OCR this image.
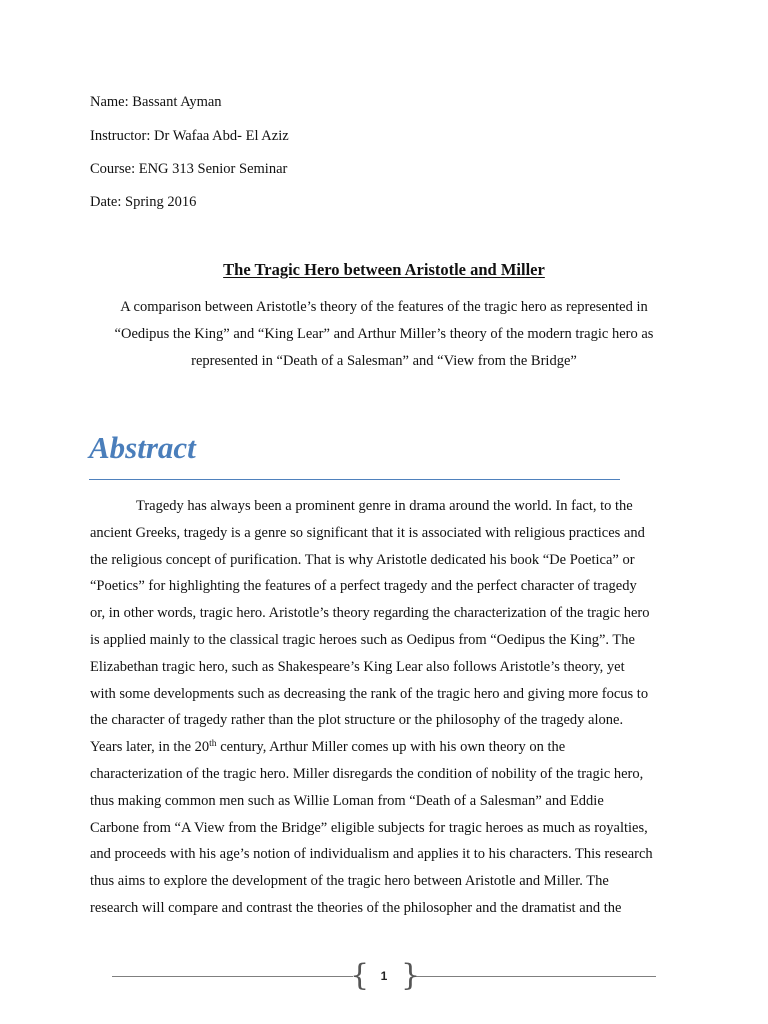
Name: Bassant Ayman
Instructor: Dr Wafaa Abd- El Aziz
Course: ENG 313 Senior Seminar
Date: Spring 2016
The Tragic Hero between Aristotle and Miller
A comparison between Aristotle’s theory of the features of the tragic hero as represented in
“Oedipus the King” and “King Lear” and Arthur Miller’s theory of the modern tragic hero as
represented in “Death of a Salesman” and “View from the Bridge”
Abstract
Tragedy has always been a prominent genre in drama around the world. In fact, to the
ancient Greeks, tragedy is a genre so significant that it is associated with religious practices and
the religious concept of purification. That is why Aristotle dedicated his book “De Poetica” or
“Poetics” for highlighting the features of a perfect tragedy and the perfect character of tragedy
or, in other words, tragic hero. Aristotle’s theory regarding the characterization of the tragic hero
is applied mainly to the classical tragic heroes such as Oedipus from “Oedipus the King”. The
Elizabethan tragic hero, such as Shakespeare’s King Lear also follows Aristotle’s theory, yet
with some developments such as decreasing the rank of the tragic hero and giving more focus to
the character of tragedy rather than the plot structure or the philosophy of the tragedy alone.
Years later, in the 20th century, Arthur Miller comes up with his own theory on the
characterization of the tragic hero. Miller disregards the condition of nobility of the tragic hero,
thus making common men such as Willie Loman from “Death of a Salesman” and Eddie
Carbone from “A View from the Bridge” eligible subjects for tragic heroes as much as royalties,
and proceeds with his age’s notion of individualism and applies it to his characters. This research
thus aims to explore the development of the tragic hero between Aristotle and Miller. The
research will compare and contrast the theories of the philosopher and the dramatist and the
{ }
1
